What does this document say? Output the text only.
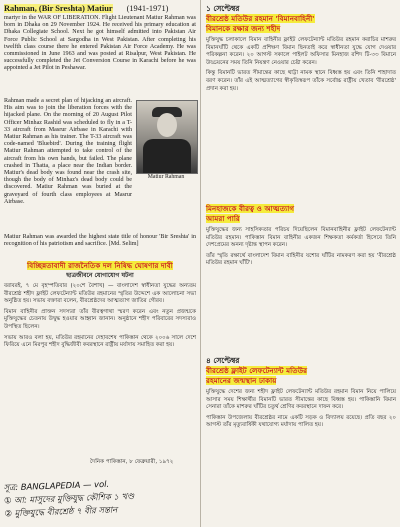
Rahman, (Bir Sreshta) Matiur (1941-1971)
martyr in the WAR OF LIBERATION. Flight Lieutenant Matiur Rahman was born in Dhaka on 29 November 1924. He received his primary education at Dhaka Collegiate School. Next he got himself admitted into Pakistan Air Force Public School at Sargodha in West Pakistan. After completing his twelfth class course there he entered Pakistan Air Force Academy. He was commissioned in June 1963 and was posted at Risalpur, West Pakistan. He successfully completed the Jet Conversion Course in Karachi before he was appointed a Jet Pilot in Peshawar.
Rahman made a secret plan of hijacking an aircraft. His aim was to join the liberation forces with the hijacked plane. On the morning of 20 August Pilot Officer Minhaz Rashid was scheduled to fly in a T-33 aircraft from Masrur Airbase in Karachi with Matiur Rahman as his trainer. The T-33 aircraft was code-named 'Bluebird'. During the training flight Matiur Rahman attempted to take control of the aircraft from his own hands, but failed. The plane crashed in Thatta, a place near the Indian border. Matiur's dead body was found near the crash site, though the body of Minhaz's dead body could be discovered. Matiur Rahman was buried at the graveyard of fourth class employees at Masrur Airbase.
Matiur Rahman was awarded the highest state title of honour 'Bir Sreshta' in recognition of his patriotism and sacrifice. [Md. Selim]
Matiur Rahman
বিচ্ছিন্নতাবাদী রাজনৈতিক দল নিষিদ্ধ ঘোষণার দাবী
ছাত্রজীবনে যোগাযোগ ঘটনা

বরাবরই, ৭ মে বৃহস্পতিবার (২০শে বৈশাখ) — বাংলাদেশ স্বাধীনতা যুদ্ধের অন্যতম বীরশ্রেষ্ঠ শহীদ ফ্লাইট লেফটেন্যান্ট মতিউর রহমানের স্মৃতির উদ্দেশে এক আলোচনা সভা অনুষ্ঠিত হয়। সভায় বক্তারা বলেন, বীরশ্রেষ্ঠদের আত্মত্যাগ জাতির গৌরব।

বিমান বাহিনীর প্রাক্তন সদস্যরা তাঁর বীরত্বগাথা স্মরণ করেন এবং নতুন প্রজন্মকে মুক্তিযুদ্ধের চেতনায় উদ্বুদ্ধ হওয়ার আহ্বান জানান। অনুষ্ঠানে শহীদ পরিবারের সদস্যরাও উপস্থিত ছিলেন।

সভায় আরও বলা হয়, মতিউর রহমানের দেহাবশেষ পাকিস্তান থেকে ২০০৬ সালে দেশে ফিরিয়ে এনে মিরপুর শহীদ বুদ্ধিজীবী কবরস্থানে রাষ্ট্রীয় মর্যাদায় সমাহিত করা হয়।

দৈনিক পাকিস্তান, ৮ ফেব্রুয়ারী, ১৯৭২
সূত্র: BANGLAPEDIA — vol.
① আ: মাসুদের মুক্তিযুদ্ধ কৌশিক ১ খণ্ড
② মুক্তিযুদ্ধে বীরশ্রেষ্ঠ ৭ বীর সন্তান
১ সেপ্টেম্বর
বীরশ্রেষ্ঠ মতিউর রহমান 'বিমানবাহিনী'
বিমানকে রক্ষার জন্য শহীদ

মুক্তিযুদ্ধ চলাকালে বিমান বাহিনীর ফ্লাইট লেফটেন্যান্ট মতিউর রহমান করাচির মাশরুর বিমানঘাঁটি থেকে একটি প্রশিক্ষণ বিমান ছিনতাই করে স্বাধীনতা যুদ্ধে যোগ দেওয়ার পরিকল্পনা করেন। ২০ আগস্ট সকালে পাইলট অফিসার মিনহাজ রশিদ টি-৩৩ বিমানে উড্ডয়নের সময় তিনি নিয়ন্ত্রণ নেওয়ার চেষ্টা করেন।

কিন্তু বিমানটি ভারত সীমান্তের কাছে থাট্টা নামক স্থানে বিধ্বস্ত হয় এবং তিনি শাহাদাত বরণ করেন। তাঁর এই আত্মত্যাগের স্বীকৃতিস্বরূপ তাঁকে সর্বোচ্চ রাষ্ট্রীয় খেতাব 'বীরশ্রেষ্ঠ' প্রদান করা হয়।

মিনহাজকে বীরত্ব ও আত্মত্যাগ
আমরা পারি

মুক্তিযুদ্ধের জন্য সাহসিকতার পরিচয় দিয়েছিলেন বিমানবাহিনীর ফ্লাইট লেফটেন্যান্ট মতিউর রহমান। পাকিস্তান বিমান বাহিনীর একজন শিক্ষকতা কর্মকর্তা হিসেবে তিনি দেশপ্রেমের অনন্য দৃষ্টান্ত স্থাপন করেন।

তাঁর স্মৃতি রক্ষার্থে বাংলাদেশ বিমান বাহিনীর যশোর ঘাঁটির নামকরণ করা হয় 'বীরশ্রেষ্ঠ মতিউর রহমান ঘাঁটি'।

৪ সেপ্টেম্বর
বীরশ্রেষ্ঠ ফ্লাইট লেফটেন্যান্ট মতিউর
রহমানের জন্মস্থান ঢাকায়

মুক্তিযুদ্ধে দেশের জন্য শহীদ ফ্লাইট লেফটেন্যান্ট মতিউর রহমান বিমান নিয়ে পালিয়ে আসার সময় শিক্ষার্থীর বিমানটি ভারত সীমান্তের কাছে বিধ্বস্ত হয়। পাকিস্তানি বিমান সেনারা তাঁকে মাশরুর ঘাঁটির চতুর্থ শ্রেণির কবরস্থানে দাফন করে।

পাকিস্তান উপজেলায় বীরশ্রেষ্ঠর নামে একটি সড়ক ও বিদ্যালয় রয়েছে। প্রতি বছর ২০ আগস্ট তাঁর মৃত্যুবার্ষিকী যথাযোগ্য মর্যাদায় পালিত হয়।
